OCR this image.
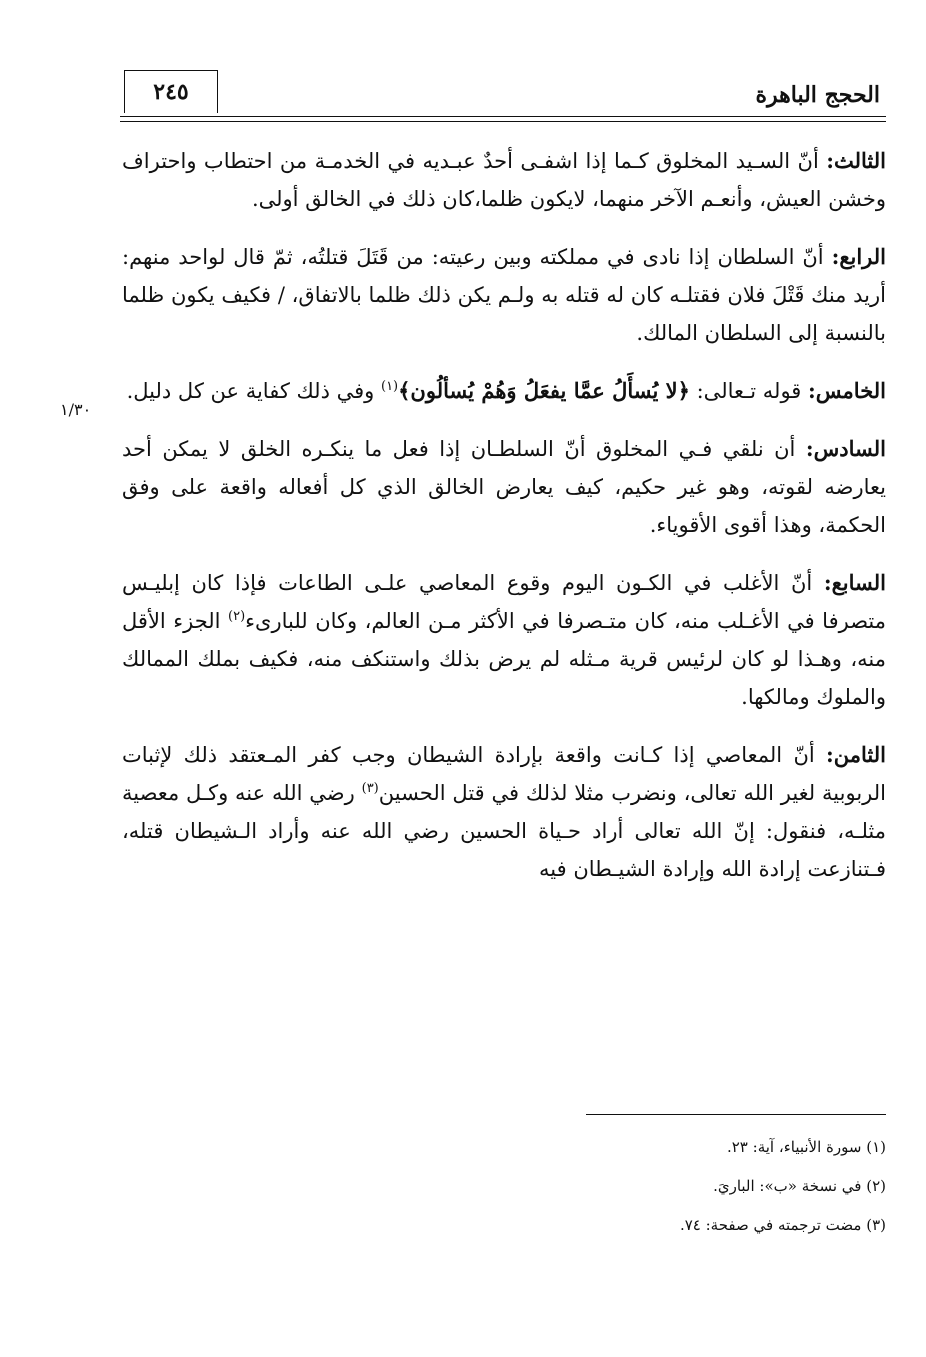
الحجج الباهرة
٢٤٥
١/٣٠

الثالث: أنّ السـيد المخلوق كـما إذا اشفـى أحدٌ عبـديه في الخدمـة من احتطاب واحتراف وخشن العيش، وأنعـم الآخر منهما، لايكون ظلما،كان ذلك في الخالق أولى.

الرابع: أنّ السلطان إذا نادى في مملكته وبين رعيته: من قَتَلَ قتلتُه، ثمّ قال لواحد منهم: أريد منك قَتْلَ فلان فقتلـه كان له قتله به ولـم يكن ذلك ظلما بالاتفاق، / فكيف يكون ظلما بالنسبة إلى السلطان المالك.

الخامس: قوله تـعالى: ﴿لا يُسأَلُ عمَّا يفعَلُ وَهُمْ يُسألُون﴾$^{(١)}$ وفي ذلك كفاية عن كل دليل.

السادس: أن نلقي فـي المخلوق أنّ السلطـان إذا فعل ما ينكـره الخلق لا يمكن أحد يعارضه لقوته، وهو غير حكيم، كيف يعارض الخالق الذي كل أفعاله واقعة على وفق الحكمة، وهذا أقوى الأقوياء.

السابع: أنّ الأغلب في الكـون اليوم وقوع المعاصي علـى الطاعات فإذا كان إبليـس متصرفا في الأغـلب منه، كان متـصرفا في الأكثر مـن العالم، وكان للبارىء$^{(٢)}$ الجزء الأقل منه، وهـذا لو كان لرئيس قرية مـثله لم يرض بذلك واستنكف منه، فكيف بملك الممالك والملوك ومالكها.

الثامن: أنّ المعاصي إذا كـانت واقعة بإرادة الشيطان وجب كفر المـعتقد ذلك لإثبات الربوبية لغير الله تعالى، ونضرب مثلا لذلك في قتل الحسين$^{(٣)}$ رضي الله عنه وكـل معصية مثلـه، فنقول: إنّ الله تعالى أراد حـياة الحسين رضي الله عنه وأراد الـشيطان قتله، فـتنازعت إرادة الله وإرادة الشيـطان فيه

(١) سورة الأنبياء، آية: ٢٣.
(٢) في نسخة «ب»: الباريَ.
(٣) مضت ترجمته في صفحة: ٧٤.
